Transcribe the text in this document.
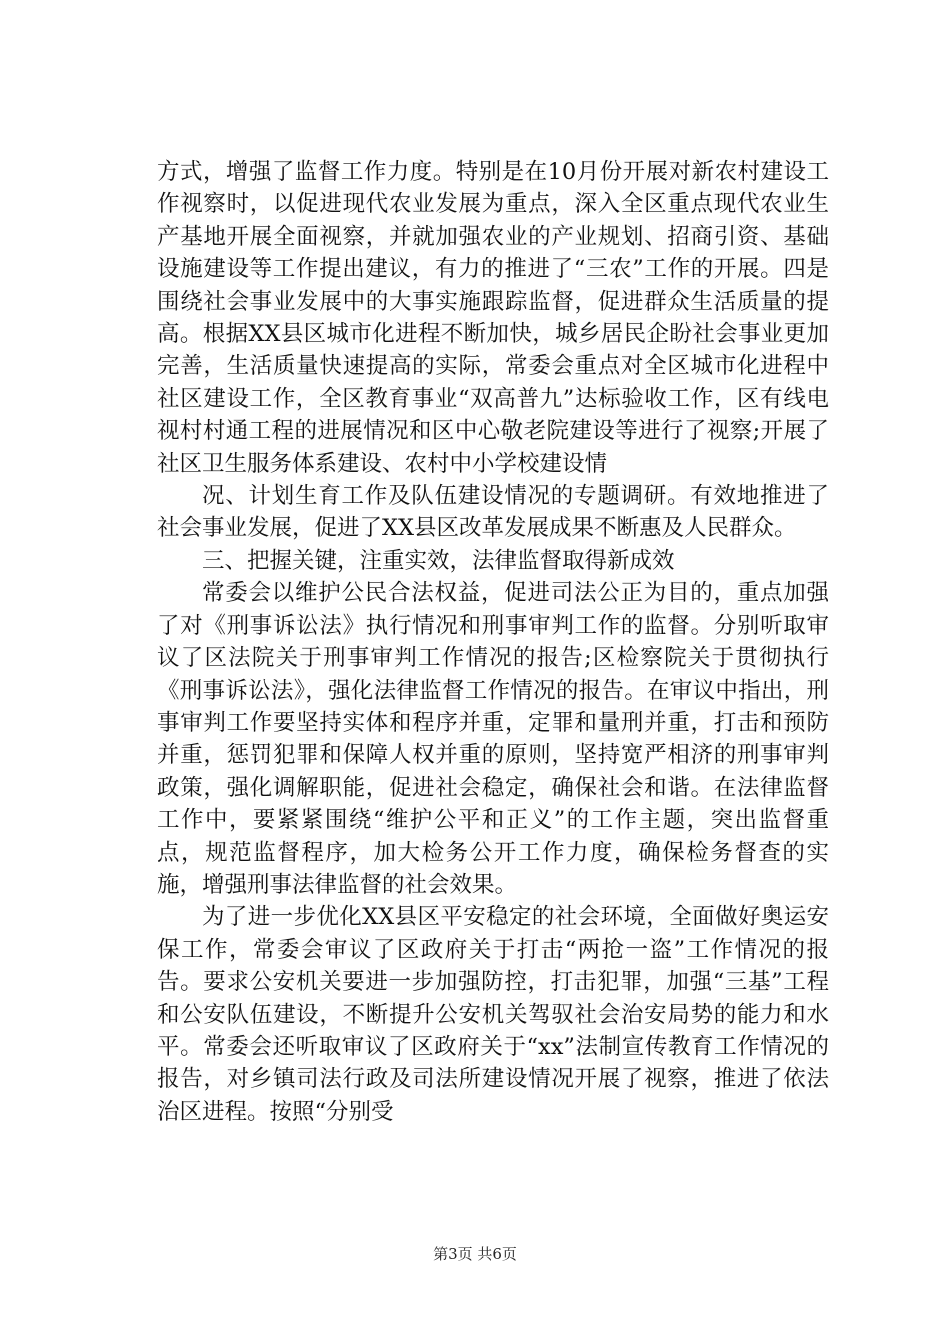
方式，增强了监督工作力度。特别是在10月份开展对新农村建设工作视察时，以促进现代农业发展为重点，深入全区重点现代农业生产基地开展全面视察，并就加强农业的产业规划、招商引资、基础设施建设等工作提出建议，有力的推进了“三农”工作的开展。四是围绕社会事业发展中的大事实施跟踪监督，促进群众生活质量的提高。根据XX县区城市化进程不断加快，城乡居民企盼社会事业更加完善，生活质量快速提高的实际，常委会重点对全区城市化进程中社区建设工作，全区教育事业“双高普九”达标验收工作，区有线电视村村通工程的进展情况和区中心敬老院建设等进行了视察;开展了社区卫生服务体系建设、农村中小学校建设情

况、计划生育工作及队伍建设情况的专题调研。有效地推进了社会事业发展，促进了XX县区改革发展成果不断惠及人民群众。

三、把握关键，注重实效，法律监督取得新成效

常委会以维护公民合法权益，促进司法公正为目的，重点加强了对《刑事诉讼法》执行情况和刑事审判工作的监督。分别听取审议了区法院关于刑事审判工作情况的报告;区检察院关于贯彻执行《刑事诉讼法》，强化法律监督工作情况的报告。在审议中指出，刑事审判工作要坚持实体和程序并重，定罪和量刑并重，打击和预防并重，惩罚犯罪和保障人权并重的原则，坚持宽严相济的刑事审判政策，强化调解职能，促进社会稳定，确保社会和谐。在法律监督工作中，要紧紧围绕“维护公平和正义”的工作主题，突出监督重点，规范监督程序，加大检务公开工作力度，确保检务督查的实施，增强刑事法律监督的社会效果。

为了进一步优化XX县区平安稳定的社会环境，全面做好奥运安保工作，常委会审议了区政府关于打击“两抢一盗”工作情况的报告。要求公安机关要进一步加强防控，打击犯罪，加强“三基”工程和公安队伍建设，不断提升公安机关驾驭社会治安局势的能力和水平。常委会还听取审议了区政府关于“xx”法制宣传教育工作情况的报告，对乡镇司法行政及司法所建设情况开展了视察，推进了依法治区进程。按照“分别受

第3页 共6页
